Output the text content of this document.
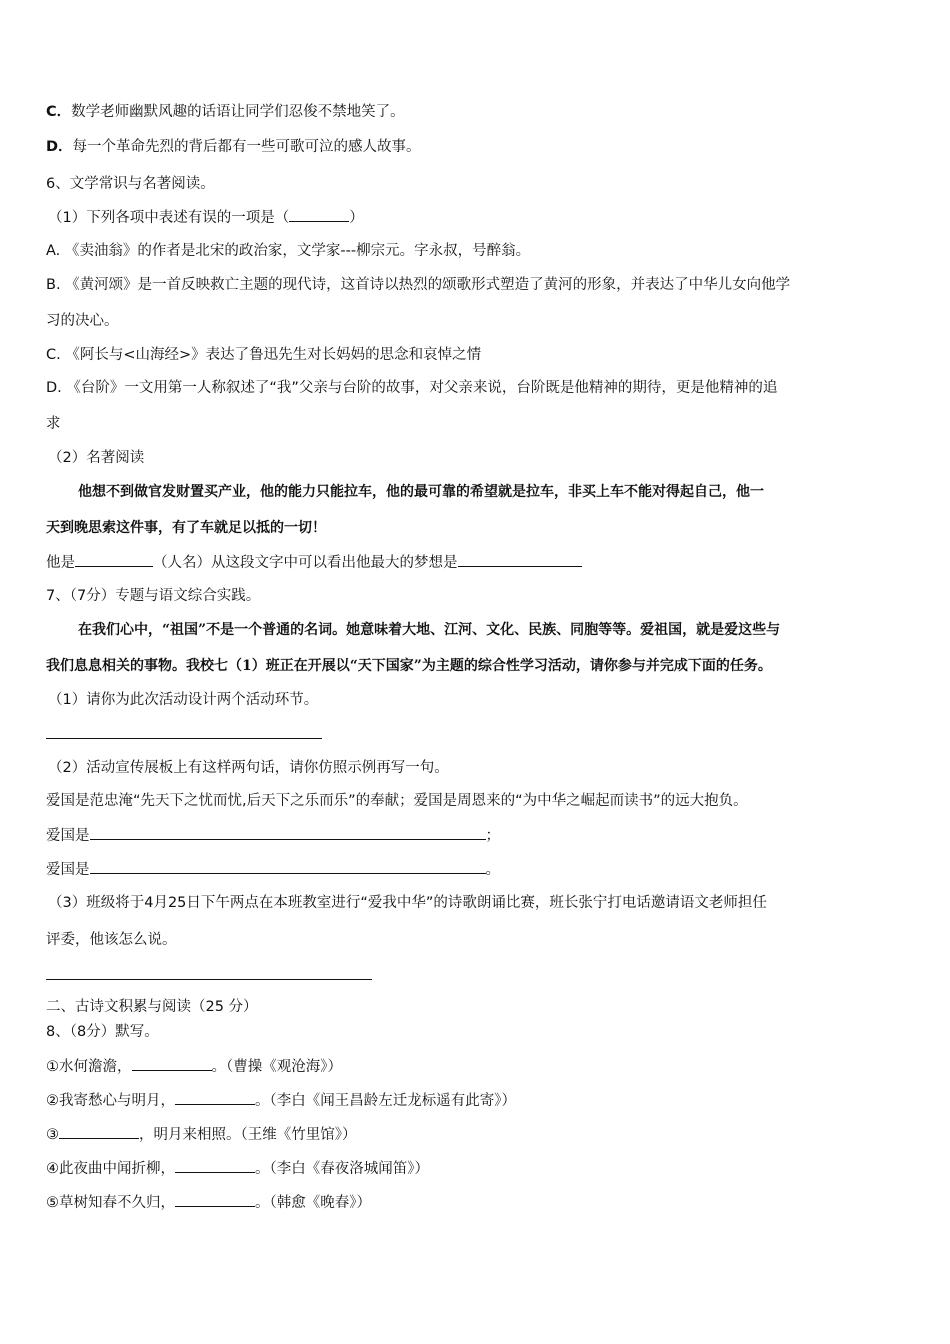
C．数学老师幽默风趣的话语让同学们忍俊不禁地笑了。
D．每一个革命先烈的背后都有一些可歌可泣的感人故事。
6、文学常识与名著阅读。
（1）下列各项中表述有误的一项是（	）
A. 《卖油翁》的作者是北宋的政治家，文学家---柳宗元。字永叔，号醉翁。
B. 《黄河颂》是一首反映救亡主题的现代诗，这首诗以热烈的颂歌形式塑造了黄河的形象，并表达了中华儿女向他学
习的决心。
C. 《阿长与<山海经>》表达了鲁迅先生对长妈妈的思念和哀悼之情
D. 《台阶》一文用第一人称叙述了“我”父亲与台阶的故事，对父亲来说，台阶既是他精神的期待，更是他精神的追
求
（2）名著阅读
他想不到做官发财置买产业，他的能力只能拉车，他的最可靠的希望就是拉车，非买上车不能对得起自己，他一
天到晚思索这件事，有了车就足以抵的一切！
他是	（人名）从这段文字中可以看出他最大的梦想是
7、（7分）专题与语文综合实践。
在我们心中，“祖国”不是一个普通的名词。她意味着大地、江河、文化、民族、同胞等等。爱祖国，就是爱这些与
我们息息相关的事物。我校七（1）班正在开展以“天下国家”为主题的综合性学习活动，请你参与并完成下面的任务。
（1）请你为此次活动设计两个活动环节。
（2）活动宣传展板上有这样两句话，请你仿照示例再写一句。
爱国是范忠淹“先天下之忧而忧,后天下之乐而乐”的奉献；爱国是周恩来的“为中华之崛起而读书”的远大抱负。
爱国是	；
爱国是	。
（3）班级将于4月25日下午两点在本班教室进行“爱我中华”的诗歌朗诵比赛，班长张宁打电话邀请语文老师担任
评委，他该怎么说。
二、古诗文积累与阅读（25 分）
8、（8分）默写。
①水何澹澹，	。（曹操《观沧海》）
②我寄愁心与明月，	。（李白《闻王昌龄左迁龙标遥有此寄》）
③	，明月来相照。（王维《竹里馆》）
④此夜曲中闻折柳，	。（李白《春夜洛城闻笛》）
⑤草树知春不久归，	。（韩愈《晚春》）
